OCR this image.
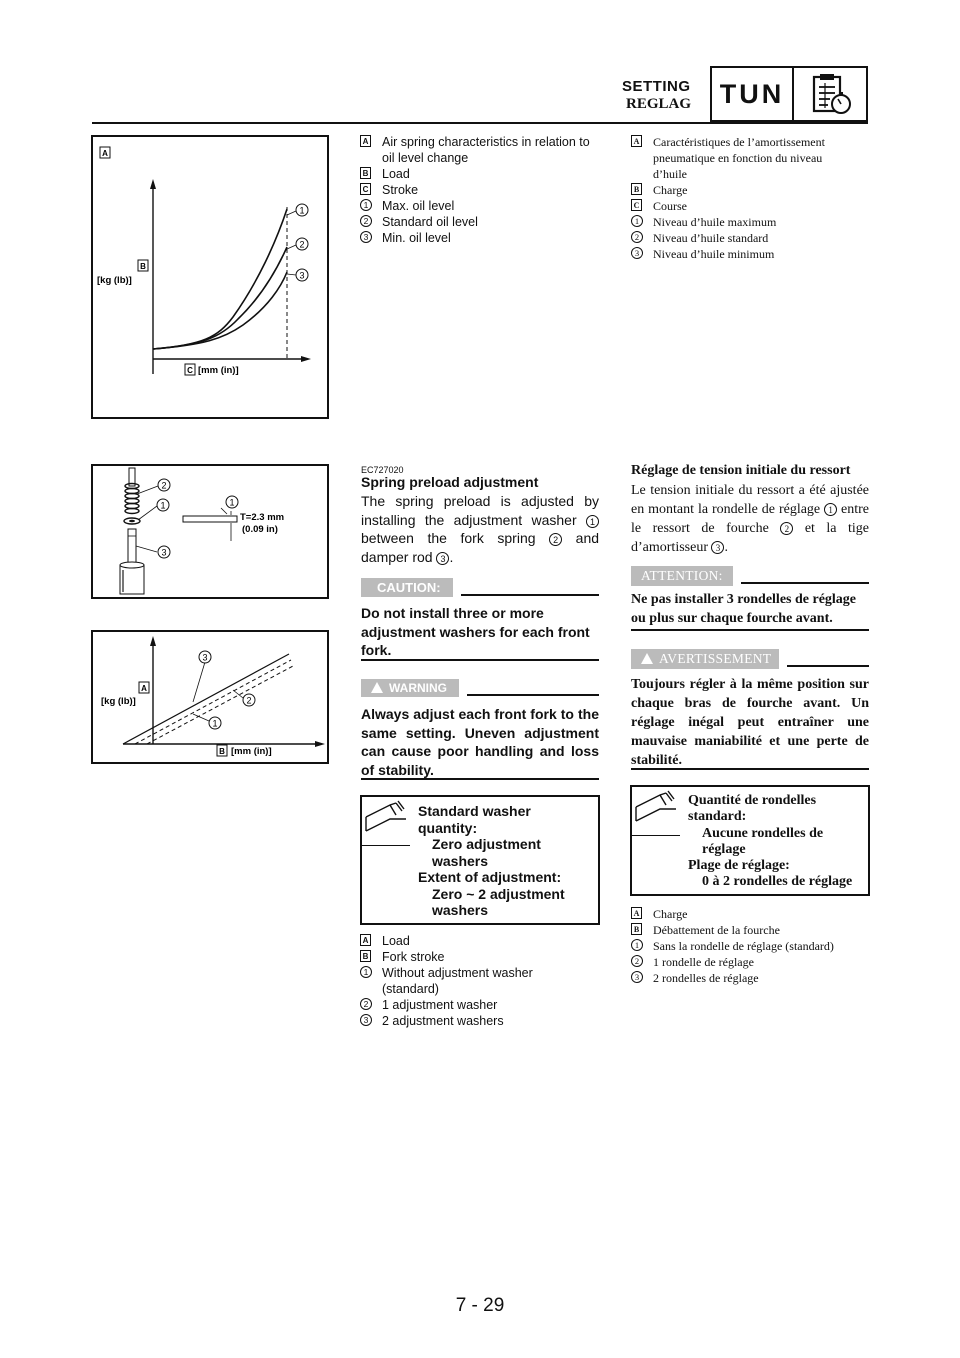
SETTING
REGLAG TUN
A
1
2
3
B
[kg (lb)]
C [mm (in)]
A Air spring characteristics in relation to oil level change
B Load
C Stroke
1 Max. oil level
2 Standard oil level
3 Min. oil level
A Caractéristiques de l’amortissement pneumatique en fonction du niveau d’huile
B Charge
C Course
1	Niveau d’huile maximum
2	Niveau d’huile standard
3	Niveau d’huile minimum
2
1
3
1
T=2.3 mm
(0.09 in)
3
2
1
A
[kg (lb)]
B [mm (in)]
EC727020
Spring preload adjustment
The spring preload is adjusted by installing the adjustment washer 1 between the fork spring 2 and damper rod 3 .
CAUTION:
Do not install three or more adjustment washers for each front fork.
WARNING
Always adjust each front fork to the same setting. Uneven adjustment can cause poor handling and loss of stability.
Standard washer
quantity:
Zero adjustment
washers
Extent of adjustment:
Zero ~ 2 adjustment
washers
A Load
B Fork stroke
1 Without adjustment washer (standard)
2 1 adjustment washer
3 2 adjustment washers
Réglage de tension initiale du ressort
Le tension initiale du ressort a été ajustée en montant la rondelle de réglage 1 entre le ressort de fourche 2 et la tige d’amortisseur 3 .
ATTENTION:
Ne pas installer 3 rondelles de réglage ou plus sur chaque fourche avant.
AVERTISSEMENT
Toujours régler à la même position sur chaque bras de fourche avant. Un réglage inégal peut entraîner une mauvaise maniabilité et une perte de stabilité.
Quantité de rondelles
standard:
Aucune rondelles de
réglage
Plage de réglage:
0 à 2 rondelles de réglage
A Charge
B Débattement de la fourche
1	Sans la rondelle de réglage (standard)
2	1 rondelle de réglage
3	2 rondelles de réglage
7 - 29
